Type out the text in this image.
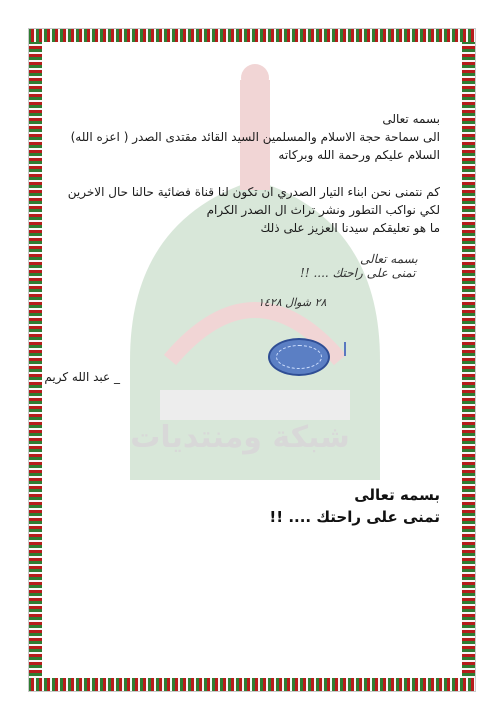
شبكة ومنتديات
بسمه تعالى
الى سماحة حجة الاسلام والمسلمين السيد القائد مقتدى الصدر ( اعزه الله)
السلام عليكم ورحمة الله وبركاته
كم نتمنى نحن ابناء التيار الصدري ان تكون لنا قناة فضائية حالنا حال الاخرين
لكي نواكب التطور ونشر تراث ال الصدر الكرام
ما هو تعليقكم سيدنا العزيز على ذلك
بسمه تعالى
تمنى على راحتك .... !!
٢٨ شوال ١٤٢٨
_ عبد الله كريم
بسمه تعالى
تمنى على راحتك .... !!
